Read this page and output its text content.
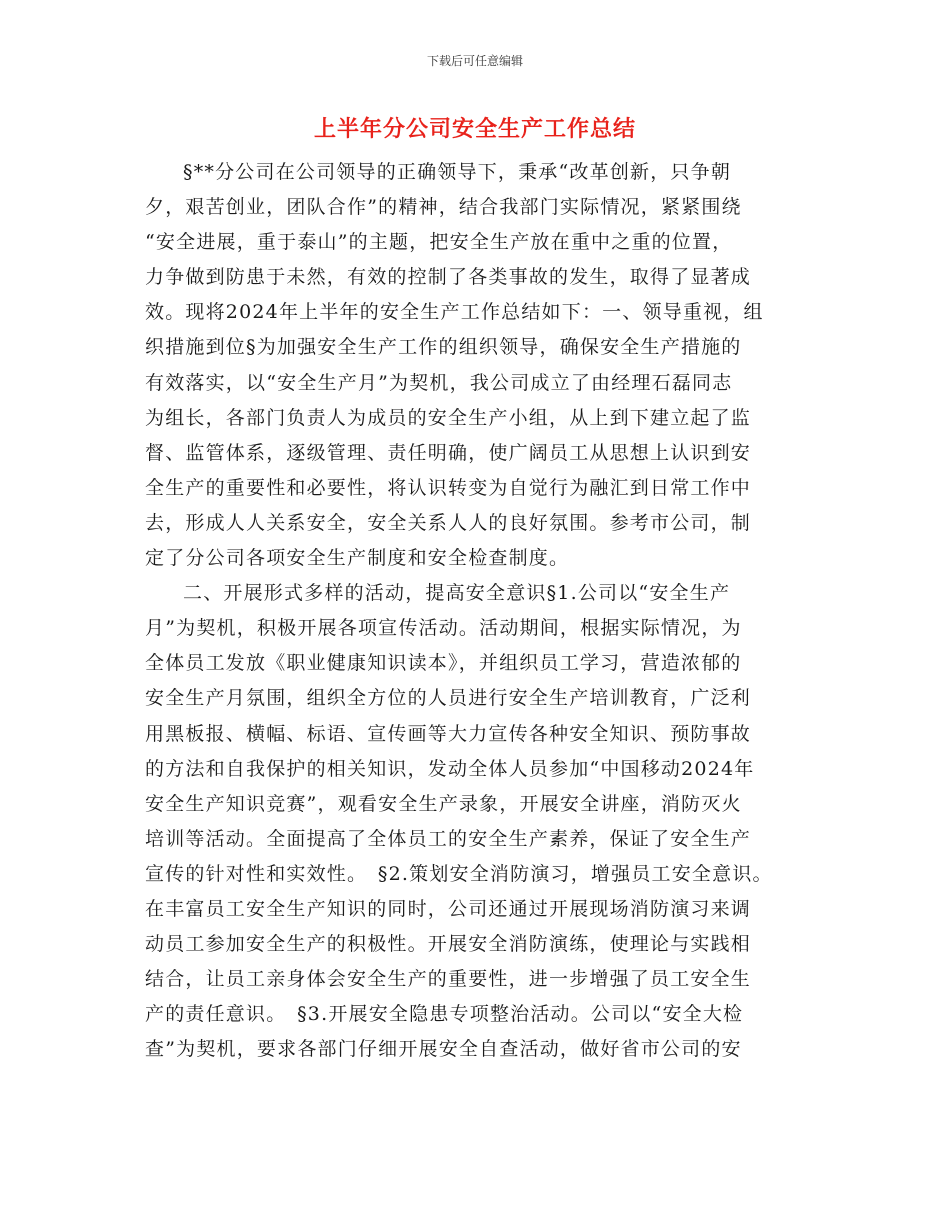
下载后可任意编辑
上半年分公司安全生产工作总结
§**分公司在公司领导的正确领导下，秉承“改革创新，只争朝
夕，艰苦创业，团队合作”的精神，结合我部门实际情况，紧紧围绕
“安全进展，重于泰山”的主题，把安全生产放在重中之重的位置，
力争做到防患于未然，有效的控制了各类事故的发生，取得了显著成
效。现将2024年上半年的安全生产工作总结如下：一、领导重视，组
织措施到位§为加强安全生产工作的组织领导，确保安全生产措施的
有效落实，以“安全生产月”为契机，我公司成立了由经理石磊同志
为组长，各部门负责人为成员的安全生产小组，从上到下建立起了监
督、监管体系，逐级管理、责任明确，使广阔员工从思想上认识到安
全生产的重要性和必要性，将认识转变为自觉行为融汇到日常工作中
去，形成人人关系安全，安全关系人人的良好氛围。参考市公司，制
定了分公司各项安全生产制度和安全检查制度。
二、开展形式多样的活动，提高安全意识§1.公司以“安全生产
月”为契机，积极开展各项宣传活动。活动期间，根据实际情况，为
全体员工发放《职业健康知识读本》，并组织员工学习，营造浓郁的
安全生产月氛围，组织全方位的人员进行安全生产培训教育，广泛利
用黑板报、横幅、标语、宣传画等大力宣传各种安全知识、预防事故
的方法和自我保护的相关知识，发动全体人员参加“中国移动2024年
安全生产知识竞赛”，观看安全生产录象，开展安全讲座，消防灭火
培训等活动。全面提高了全体员工的安全生产素养，保证了安全生产
宣传的针对性和实效性。　§2.策划安全消防演习，增强员工安全意识。
在丰富员工安全生产知识的同时，公司还通过开展现场消防演习来调
动员工参加安全生产的积极性。开展安全消防演练，使理论与实践相
结合，让员工亲身体会安全生产的重要性，进一步增强了员工安全生
产的责任意识。　§3.开展安全隐患专项整治活动。公司以“安全大检
查”为契机，要求各部门仔细开展安全自查活动，做好省市公司的安
